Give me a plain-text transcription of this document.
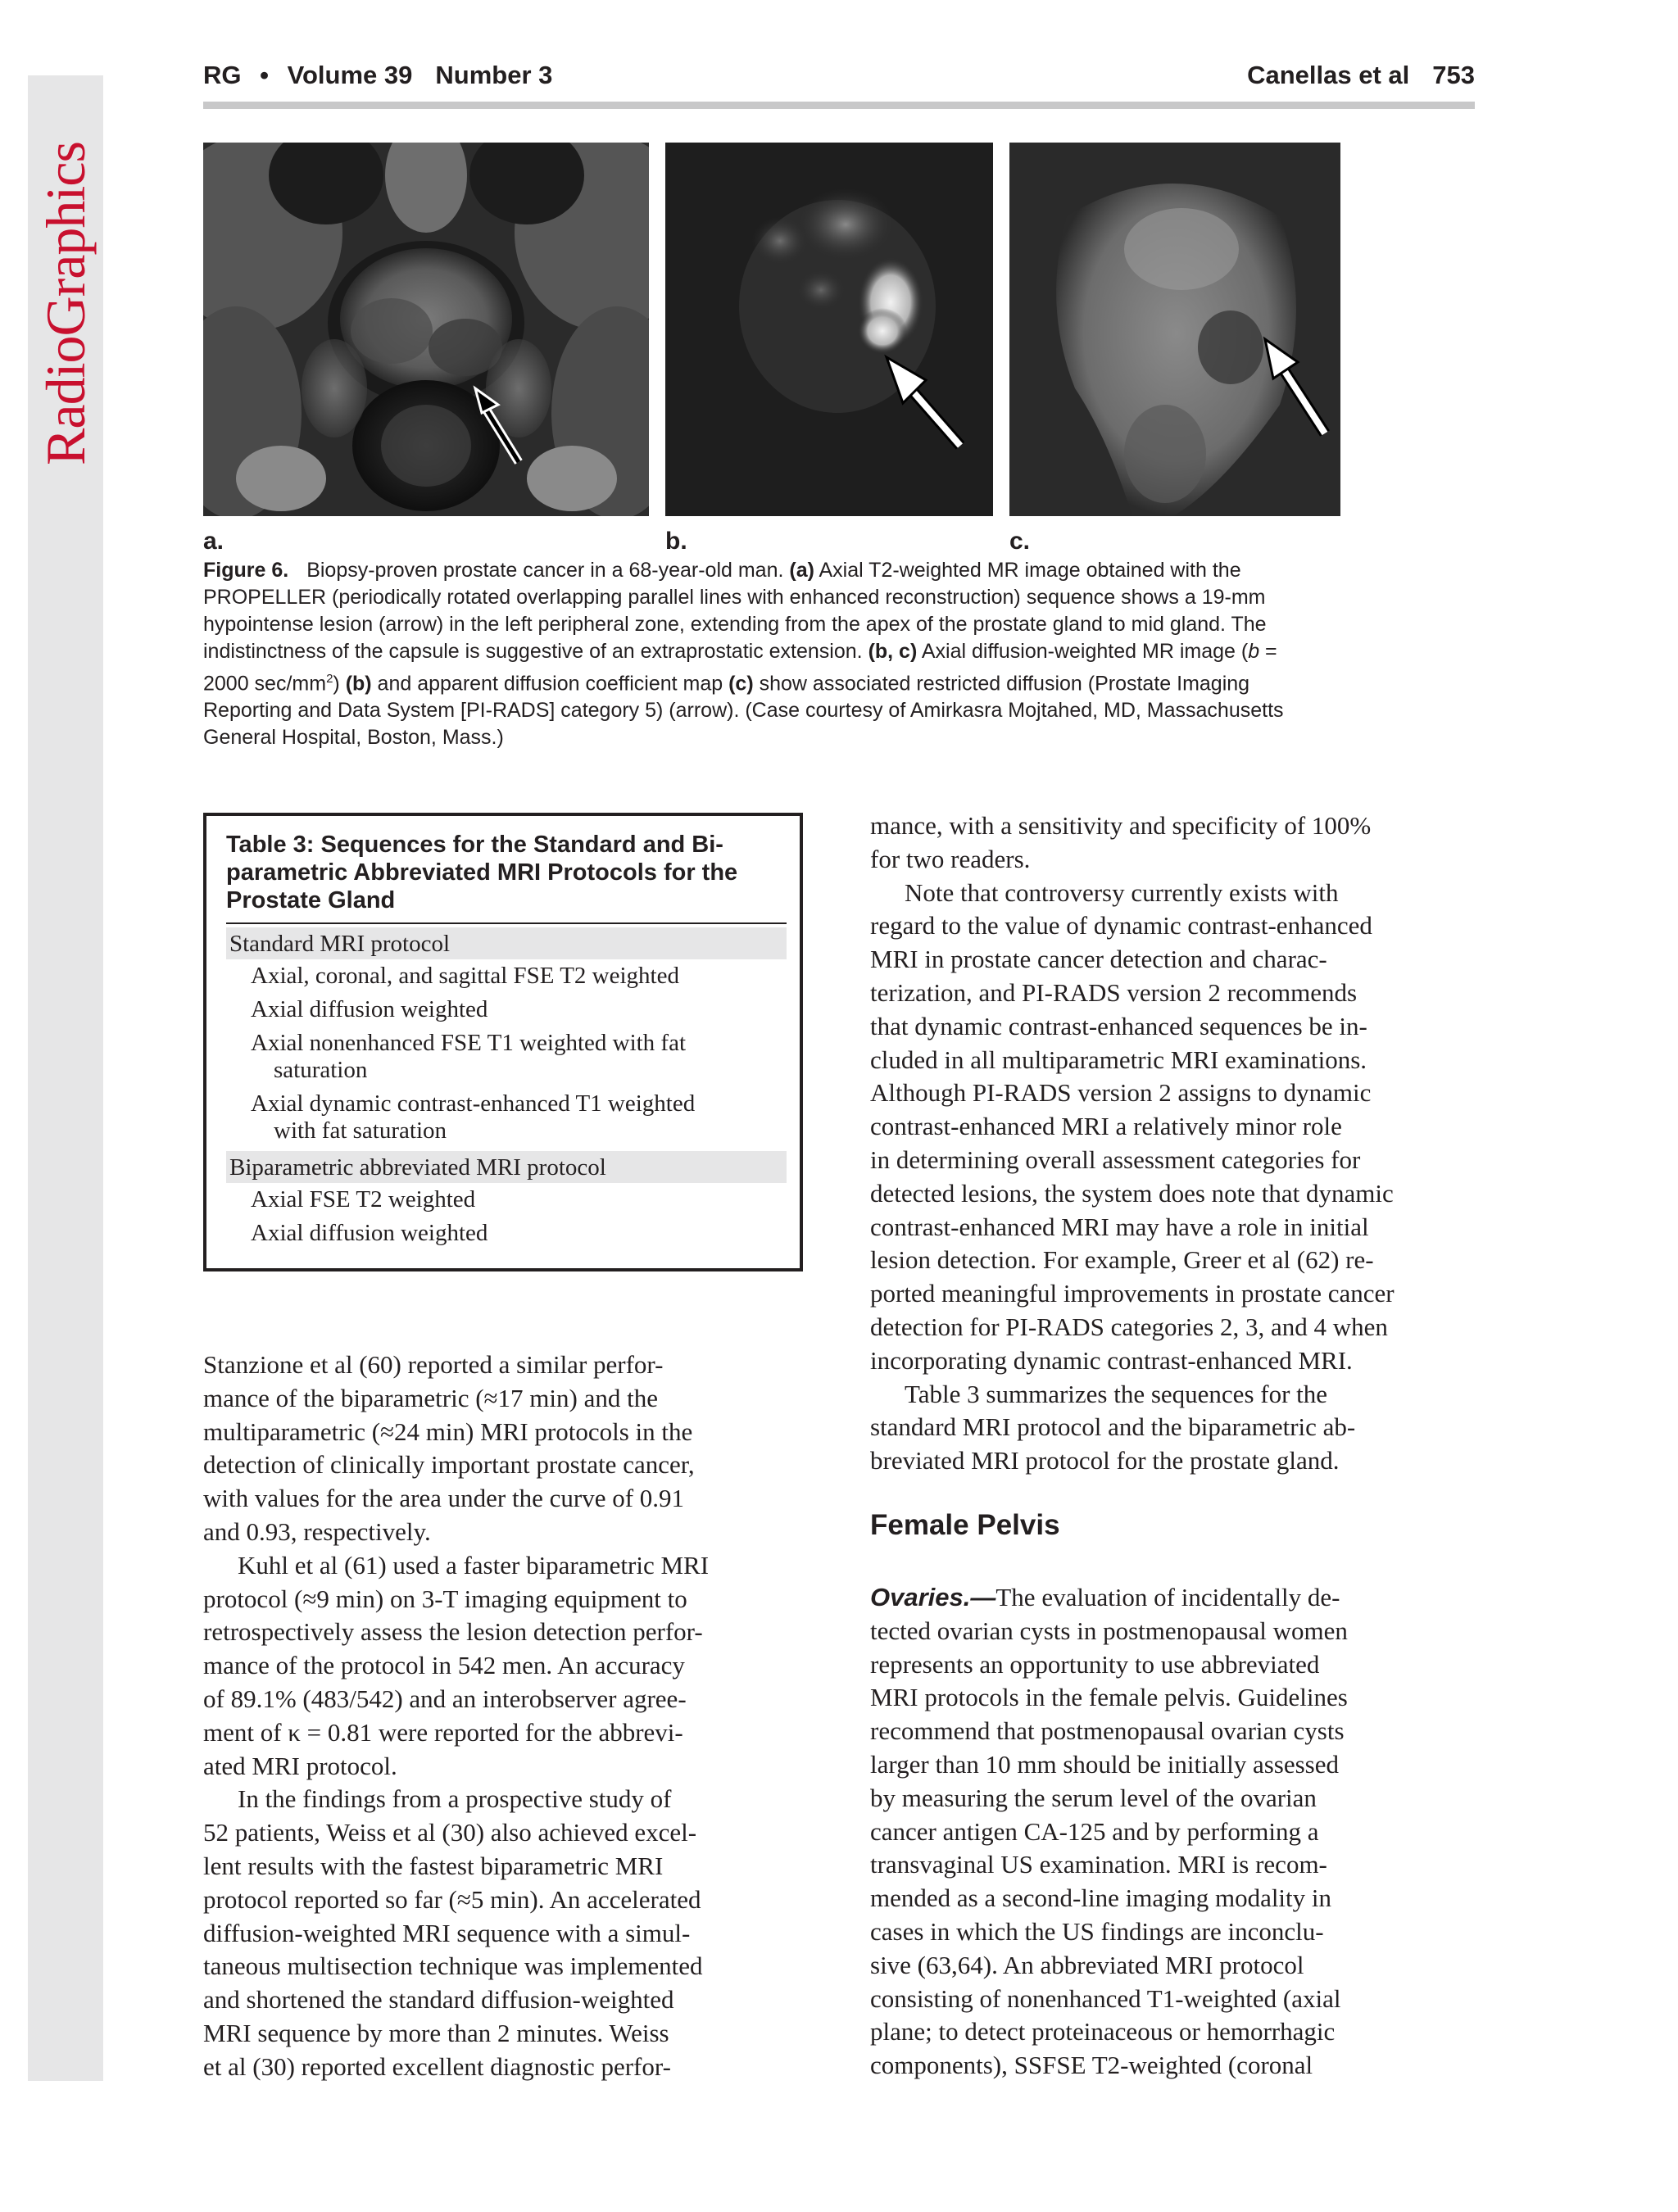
RadioGraphics
RG • Volume 39 Number 3	Canellas et al 753
a.	b.	c.
Figure 6. Biopsy-proven prostate cancer in a 68-year-old man. (a) Axial T2-weighted MR image obtained with the
PROPELLER (periodically rotated overlapping parallel lines with enhanced reconstruction) sequence shows a 19-mm
hypointense lesion (arrow) in the left peripheral zone, extending from the apex of the prostate gland to mid gland. The
indistinctness of the capsule is suggestive of an extraprostatic extension. (b, c) Axial diffusion-weighted MR image (b =
2000 $\sec/mm^2$) (b) and apparent diffusion coefficient map (c) show associated restricted diffusion (Prostate Imaging
Reporting and Data System [PI-RADS] category 5) (arrow). (Case courtesy of Amirkasra Mojtahed, MD, Massachusetts
General Hospital, Boston, Mass.)
Table 3: Sequences for the Standard and Bi-
parametric Abbreviated MRI Protocols for the
Prostate Gland
Standard MRI protocol
Axial, coronal, and sagittal FSE T2 weighted
Axial diffusion weighted
Axial nonenhanced FSE T1 weighted with fat
saturation
Axial dynamic contrast-enhanced T1 weighted
with fat saturation
Biparametric abbreviated MRI protocol
Axial FSE T2 weighted
Axial diffusion weighted
Stanzione et al (60) reported a similar perfor-
mance of the biparametric (≈17 min) and the
multiparametric (≈24 min) MRI protocols in the
detection of clinically important prostate cancer,
with values for the area under the curve of 0.91
and 0.93, respectively.
Kuhl et al (61) used a faster biparametric MRI
protocol (≈9 min) on 3-T imaging equipment to
retrospectively assess the lesion detection perfor-
mance of the protocol in 542 men. An accuracy
of 89.1% (483/542) and an interobserver agree-
ment of κ = 0.81 were reported for the abbrevi-
ated MRI protocol.
In the findings from a prospective study of
52 patients, Weiss et al (30) also achieved excel-
lent results with the fastest biparametric MRI
protocol reported so far (≈5 min). An accelerated
diffusion-weighted MRI sequence with a simul-
taneous multisection technique was implemented
and shortened the standard diffusion-weighted
MRI sequence by more than 2 minutes. Weiss
et al (30) reported excellent diagnostic perfor-
mance, with a sensitivity and specificity of 100%
for two readers.
Note that controversy currently exists with
regard to the value of dynamic contrast-enhanced
MRI in prostate cancer detection and charac-
terization, and PI-RADS version 2 recommends
that dynamic contrast-enhanced sequences be in-
cluded in all multiparametric MRI examinations.
Although PI-RADS version 2 assigns to dynamic
contrast-enhanced MRI a relatively minor role
in determining overall assessment categories for
detected lesions, the system does note that dynamic
contrast-enhanced MRI may have a role in initial
lesion detection. For example, Greer et al (62) re-
ported meaningful improvements in prostate cancer
detection for PI-RADS categories 2, 3, and 4 when
incorporating dynamic contrast-enhanced MRI.
Table 3 summarizes the sequences for the
standard MRI protocol and the biparametric ab-
breviated MRI protocol for the prostate gland.
Female Pelvis
Ovaries.—The evaluation of incidentally de-
tected ovarian cysts in postmenopausal women
represents an opportunity to use abbreviated
MRI protocols in the female pelvis. Guidelines
recommend that postmenopausal ovarian cysts
larger than 10 mm should be initially assessed
by measuring the serum level of the ovarian
cancer antigen CA-125 and by performing a
transvaginal US examination. MRI is recom-
mended as a second-line imaging modality in
cases in which the US findings are inconclu-
sive (63,64). An abbreviated MRI protocol
consisting of nonenhanced T1-weighted (axial
plane; to detect proteinaceous or hemorrhagic
components), SSFSE T2-weighted (coronal
